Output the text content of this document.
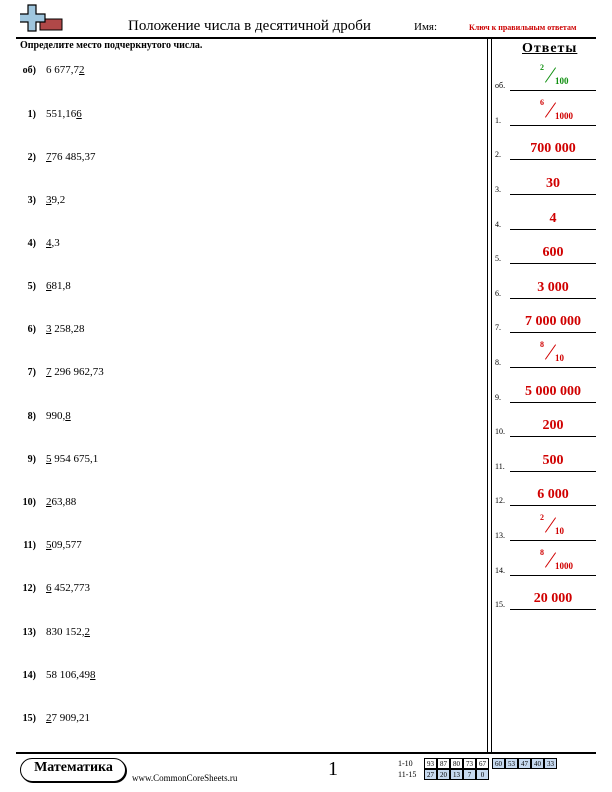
Положение числа в десятичной дроби	Имя:	Ключ к правильным ответам
Определите место подчеркнутого числа.
об) 6 677,72
1) 551,166
2) 776 485,37
3) 39,2
4) 4,3
5) 681,8
6) 3 258,28
7) 7 296 962,73
8) 990,8
9) 5 954 675,1
10) 263,88
11) 509,577
12) 6 452,773
13) 830 152,2
14) 58 106,498
15) 27 909,21
Ответы
об.
2
100
1.
6
1000
2.	700 000
3.	30
4.	4
5.	600
6.	3 000
7.	7 000 000
8.
8
10
9.	5 000 000
10.	200
11.	500
12.	6 000
13.
2
10
14.
8
1000
15.	20 000
Математика
www.CommonCoreSheets.ru	1	1-10	93 87 80 73 67	60 53 47 40 33
11-15	27 20 13	7	0
